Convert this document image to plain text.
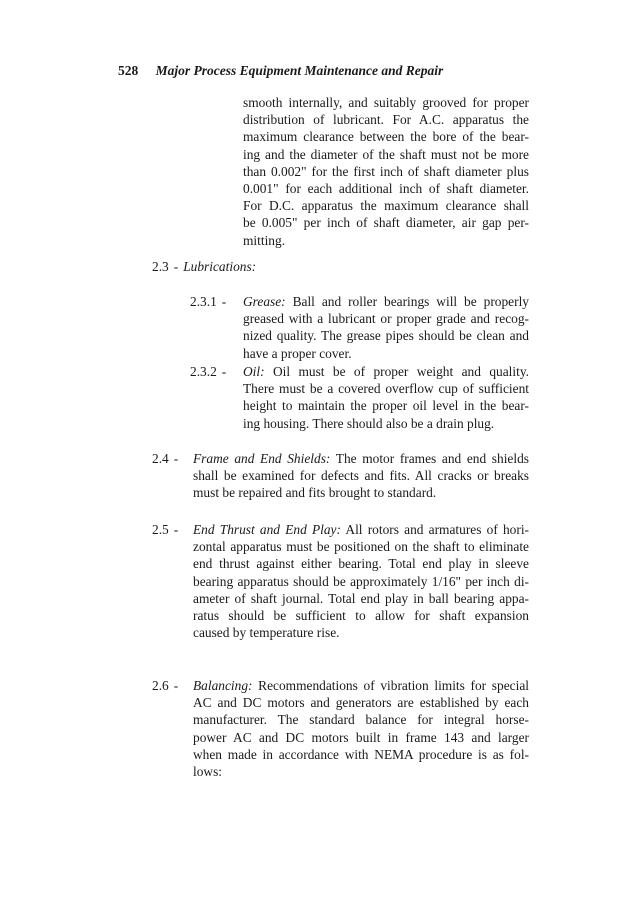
528 Major Process Equipment Maintenance and Repair
smooth internally, and suitably grooved for proper
distribution of lubricant. For A.C. apparatus the
maximum clearance between the bore of the bear-
ing and the diameter of the shaft must not be more
than 0.002" for the first inch of shaft diameter plus
0.001" for each additional inch of shaft diameter.
For D.C. apparatus the maximum clearance shall
be 0.005" per inch of shaft diameter, air gap per-
mitting.
2.3 - Lubrications:
2.3.1 -	Grease: Ball and roller bearings will be properly
greased with a lubricant or proper grade and recog-
nized quality. The grease pipes should be clean and
have a proper cover.
2.3.2 -	Oil: Oil must be of proper weight and quality.
There must be a covered overflow cup of sufficient
height to maintain the proper oil level in the bear-
ing housing. There should also be a drain plug.
2.4 -	Frame and End Shields: The motor frames and end shields
shall be examined for defects and fits. All cracks or breaks
must be repaired and fits brought to standard.
2.5 -	End Thrust and End Play: All rotors and armatures of hori-
zontal apparatus must be positioned on the shaft to eliminate
end thrust against either bearing. Total end play in sleeve
bearing apparatus should be approximately 1/16" per inch di-
ameter of shaft journal. Total end play in ball bearing appa-
ratus should be sufficient to allow for shaft expansion
caused by temperature rise.
2.6 -	Balancing: Recommendations of vibration limits for special
AC and DC motors and generators are established by each
manufacturer. The standard balance for integral horse-
power AC and DC motors built in frame 143 and larger
when made in accordance with NEMA procedure is as fol-
lows:
